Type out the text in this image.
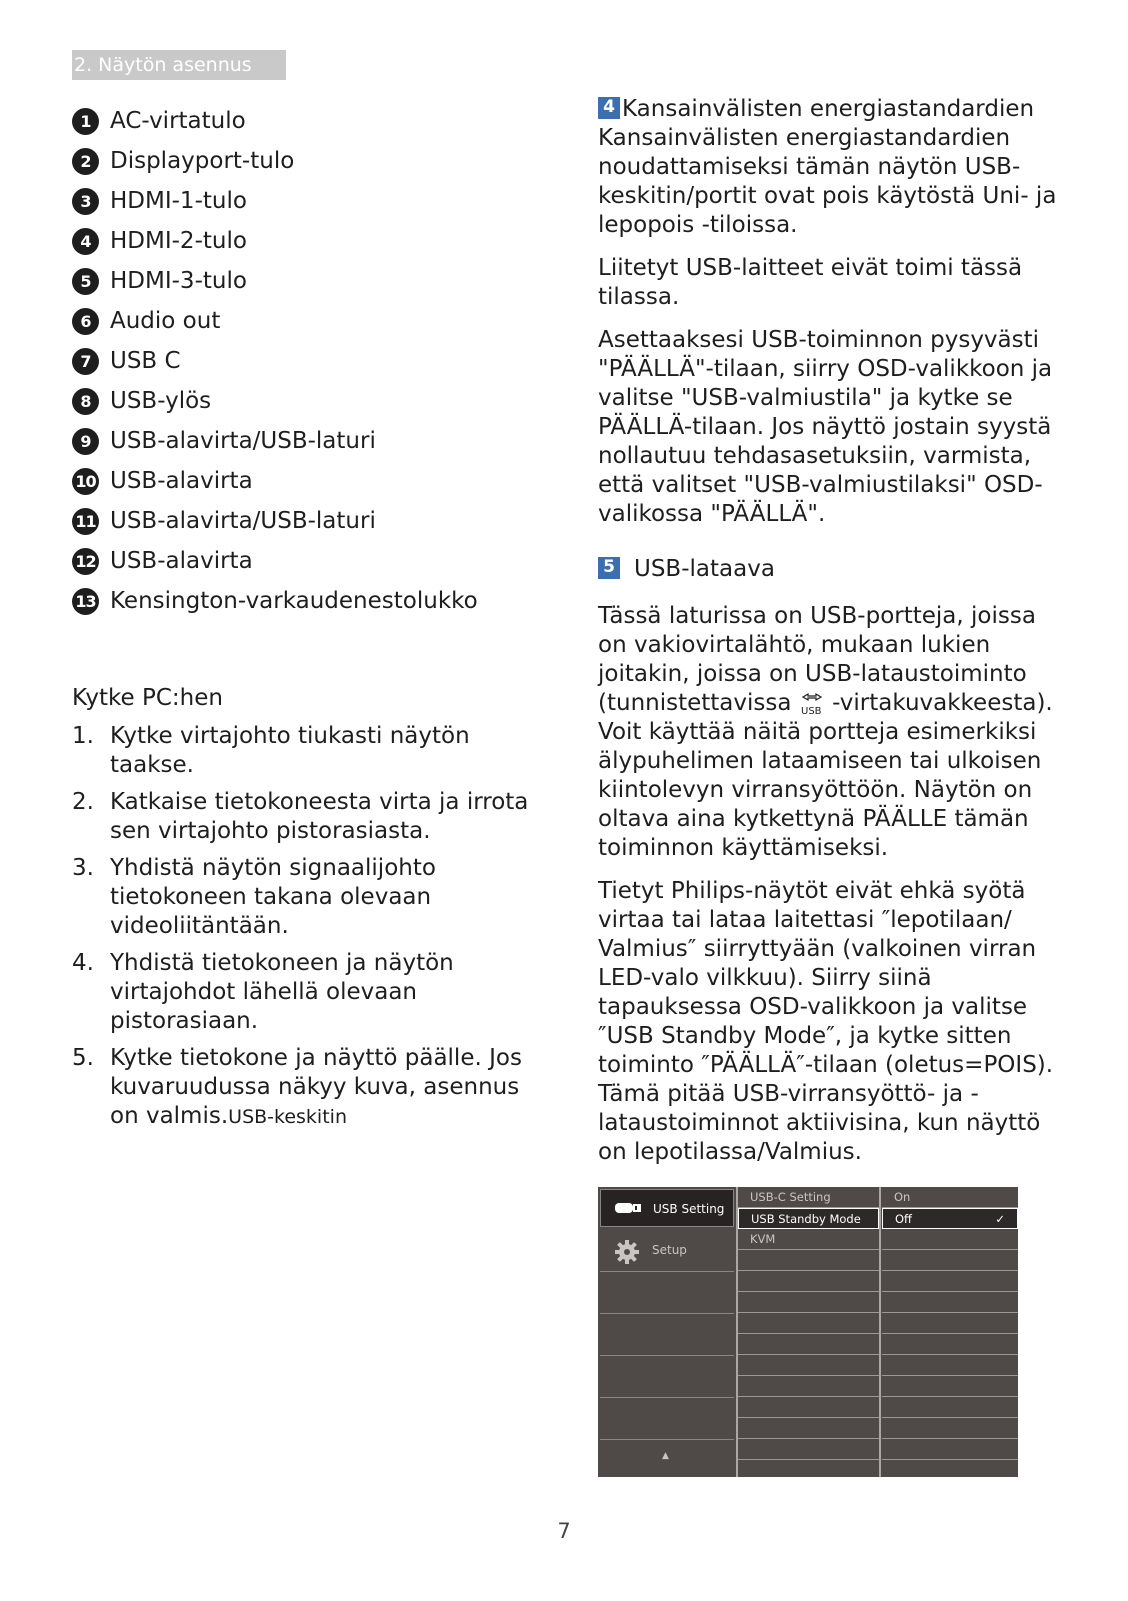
2. Näytön asennus
1 AC-virtatulo
2 Displayport-tulo
3 HDMI-1-tulo
4 HDMI-2-tulo
5 HDMI-3-tulo
6 Audio out
7 USB C
8 USB-ylös
9 USB-alavirta/USB-laturi
10 USB-alavirta
11 USB-alavirta/USB-laturi
12 USB-alavirta
13 Kensington-varkaudenestolukko
Kytke PC:hen
1. Kytke virtajohto tiukasti näytön taakse.
2. Katkaise tietokoneesta virta ja irrota sen virtajohto pistorasiasta.
3. Yhdistä näytön signaalijohto tietokoneen takana olevaan videoliitäntään.
4. Yhdistä tietokoneen ja näytön virtajohdot lähellä olevaan pistorasiaan.
5. Kytke tietokone ja näyttö päälle. Jos kuvaruudussa näkyy kuva, asennus on valmis.USB-keskitin

4 Kansainvälisten energiastandardien
Kansainvälisten energiastandardien noudattamiseksi tämän näytön USB-keskitin/portit ovat pois käytöstä Uni- ja lepopois -tiloissa.

Liitetyt USB-laitteet eivät toimi tässä tilassa.

Asettaaksesi USB-toiminnon pysyvästi "PÄÄLLÄ"-tilaan, siirry OSD-valikkoon ja valitse "USB-valmiustila" ja kytke se PÄÄLLÄ-tilaan. Jos näyttö jostain syystä nollautuu tehdasasetuksiin, varmista, että valitset "USB-valmiustilaksi" OSD-valikossa "PÄÄLLÄ".

5 USB-lataava

Tässä laturissa on USB-portteja, joissa on vakiovirtalähtö, mukaan lukien joitakin, joissa on USB-lataustoiminto (tunnistettavissa USB -virtakuvakkeesta).
Voit käyttää näitä portteja esimerkiksi älypuhelimen lataamiseen tai ulkoisen kiintolevyn virransyöttöön. Näytön on oltava aina kytkettynä PÄÄLLE tämän toiminnon käyttämiseksi.

Tietyt Philips-näytöt eivät ehkä syötä virtaa tai lataa laitettasi ″lepotilaan/ Valmius″ siirryttyään (valkoinen virran LED-valo vilkkuu). Siirry siinä tapauksessa OSD-valikkoon ja valitse ″USB Standby Mode″, ja kytke sitten toiminto ″PÄÄLLÄ″-tilaan (oletus=POIS). Tämä pitää USB-virransyöttö- ja -lataustoiminnot aktiivisina, kun näyttö on lepotilassa/Valmius.

USB Setting
Setup
▲
USB-C Setting
USB Standby Mode
KVM
On
Off	✓
7
